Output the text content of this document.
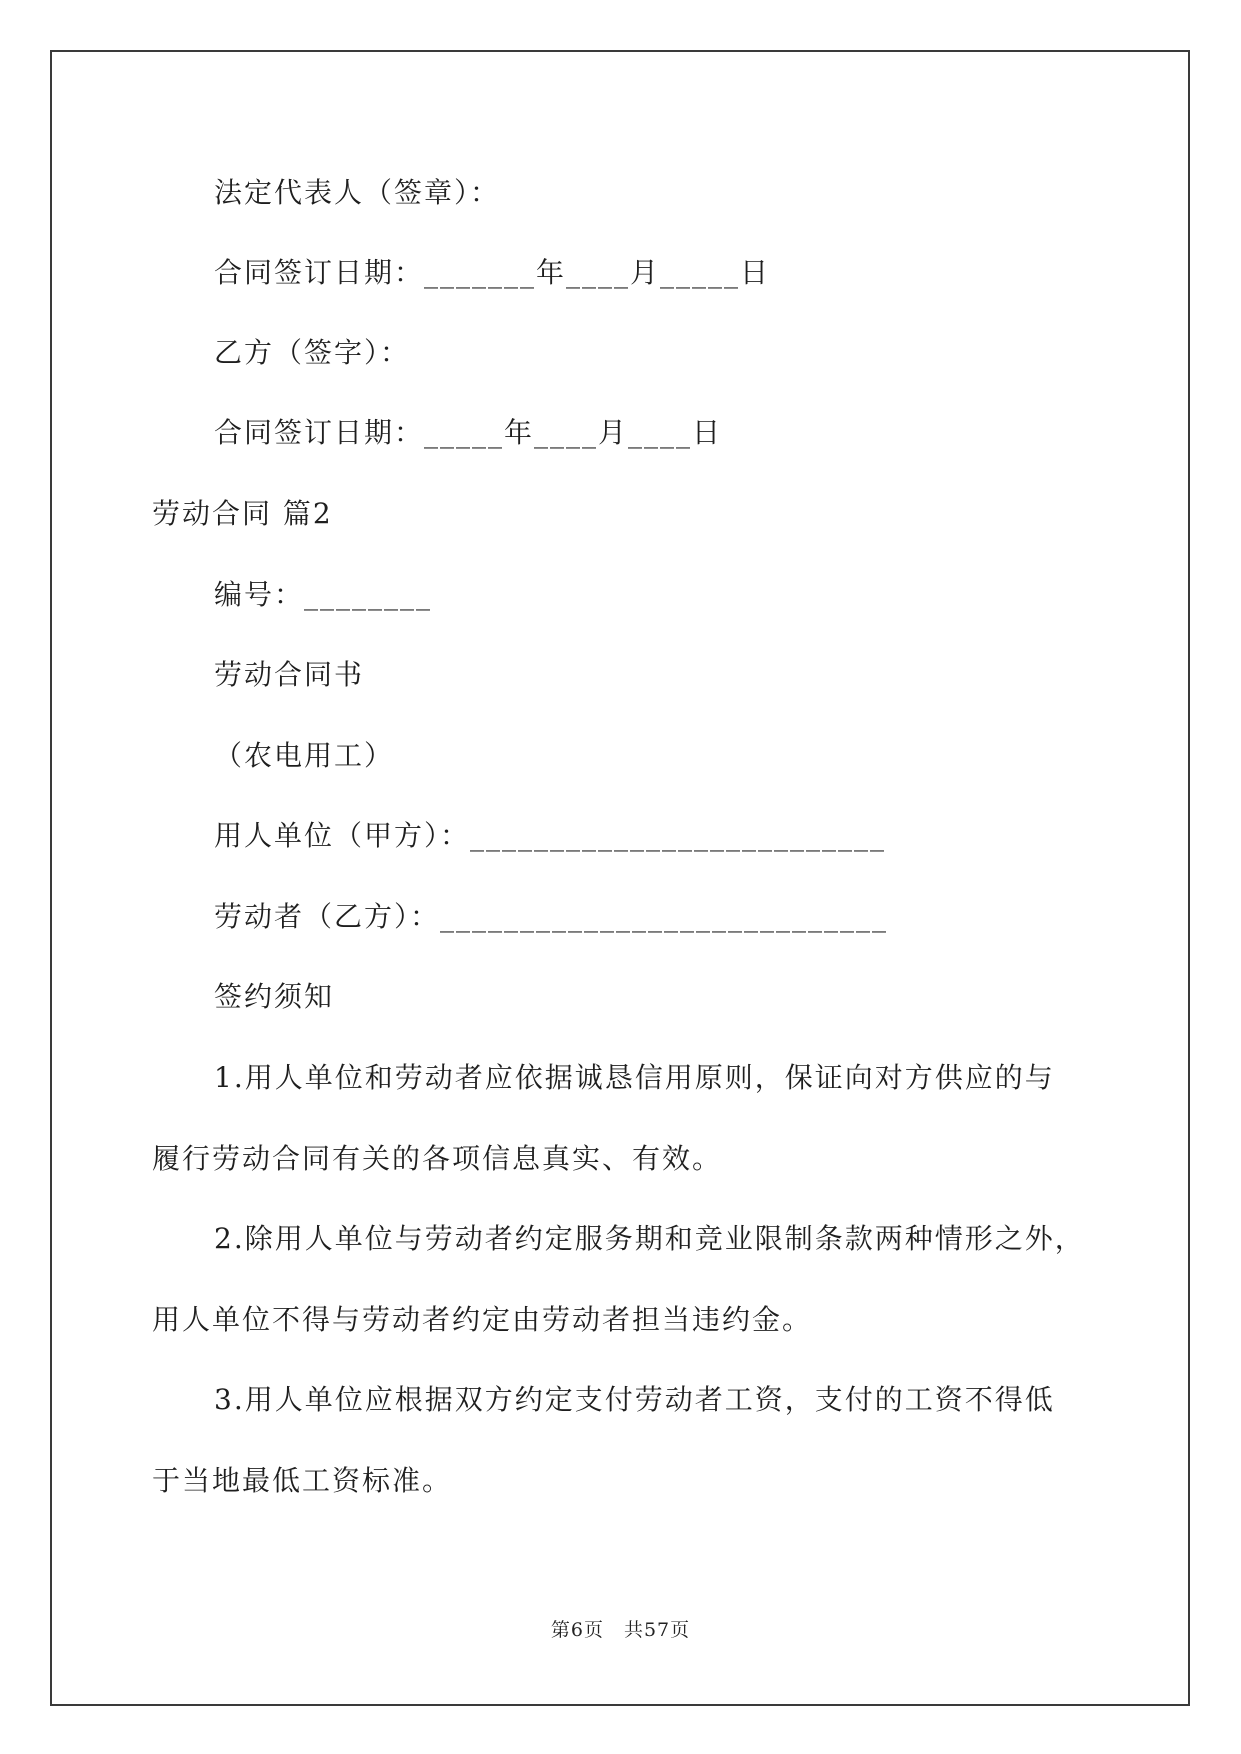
法定代表人（签章）：
合同签订日期：_______年____月_____日
乙方（签字）：
合同签订日期：_____年____月____日
劳动合同 篇2
编号：________
劳动合同书
（农电用工）
用人单位（甲方）：__________________________
劳动者（乙方）：____________________________
签约须知
1.用人单位和劳动者应依据诚恳信用原则，保证向对方供应的与
履行劳动合同有关的各项信息真实、有效。
2.除用人单位与劳动者约定服务期和竞业限制条款两种情形之外，
用人单位不得与劳动者约定由劳动者担当违约金。
3.用人单位应根据双方约定支付劳动者工资，支付的工资不得低
于当地最低工资标准。
第6页　共57页
